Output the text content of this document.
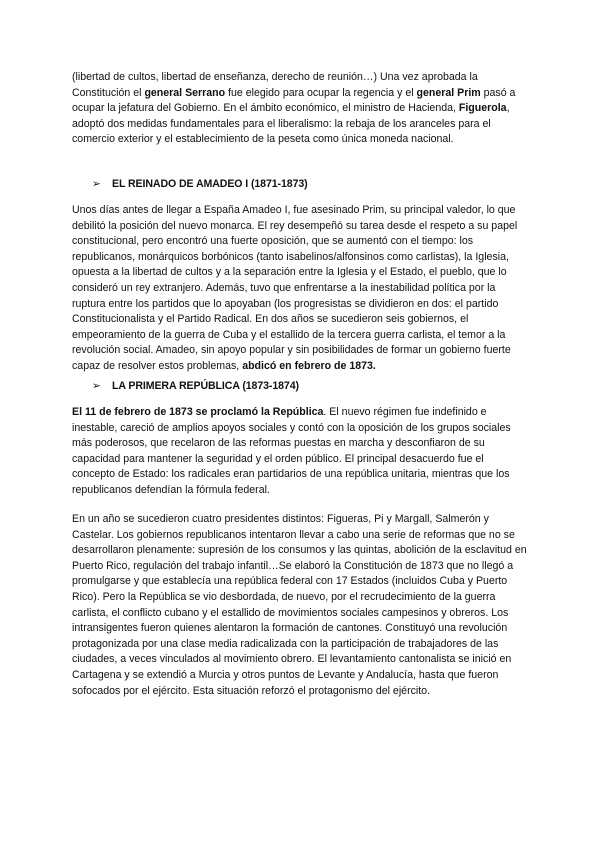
(libertad de cultos, libertad de enseñanza, derecho de reunión…) Una vez aprobada la Constitución el general Serrano fue elegido para ocupar la regencia y el general Prim pasó a ocupar la jefatura del Gobierno. En el ámbito económico, el ministro de Hacienda, Figuerola, adoptó dos medidas fundamentales para el liberalismo: la rebaja de los aranceles para el comercio exterior y el establecimiento de la peseta como única moneda nacional.

➢ EL REINADO DE AMADEO I (1871-1873)

Unos días antes de llegar a España Amadeo I, fue asesinado Prim, su principal valedor, lo que debilitó la posición del nuevo monarca. El rey desempeñó su tarea desde el respeto a su papel constitucional, pero encontró una fuerte oposición, que se aumentó con el tiempo: los republicanos, monárquicos borbónicos (tanto isabelinos/alfonsinos como carlistas), la Iglesia, opuesta a la libertad de cultos y a la separación entre la Iglesia y el Estado, el pueblo, que lo consideró un rey extranjero. Además, tuvo que enfrentarse a la inestabilidad política por la ruptura entre los partidos que lo apoyaban (los progresistas se dividieron en dos: el partido Constitucionalista y el Partido Radical. En dos años se sucedieron seis gobiernos, el empeoramiento de la guerra de Cuba y el estallido de la tercera guerra carlista, el temor a la revolución social. Amadeo, sin apoyo popular y sin posibilidades de formar un gobierno fuerte capaz de resolver estos problemas, abdicó en febrero de 1873.

➢ LA PRIMERA REPÚBLICA (1873-1874)

El 11 de febrero de 1873 se proclamó la República. El nuevo régimen fue indefinido e inestable, careció de amplios apoyos sociales y contó con la oposición de los grupos sociales más poderosos, que recelaron de las reformas puestas en marcha y desconfiaron de su capacidad para mantener la seguridad y el orden público. El principal desacuerdo fue el concepto de Estado: los radicales eran partidarios de una república unitaria, mientras que los republicanos defendían la fórmula federal.

En un año se sucedieron cuatro presidentes distintos: Figueras, Pi y Margall, Salmerón y Castelar. Los gobiernos republicanos intentaron llevar a cabo una serie de reformas que no se desarrollaron plenamente: supresión de los consumos y las quintas, abolición de la esclavitud en Puerto Rico, regulación del trabajo infantil…Se elaboró la Constitución de 1873 que no llegó a promulgarse y que establecía una república federal con 17 Estados (incluidos Cuba y Puerto Rico). Pero la República se vio desbordada, de nuevo, por el recrudecimiento de la guerra carlista, el conflicto cubano y el estallido de movimientos sociales campesinos y obreros. Los intransigentes fueron quienes alentaron la formación de cantones. Constituyó una revolución protagonizada por una clase media radicalizada con la participación de trabajadores de las ciudades, a veces vinculados al movimiento obrero. El levantamiento cantonalista se inició en Cartagena y se extendió a Murcia y otros puntos de Levante y Andalucía, hasta que fueron sofocados por el ejército. Esta situación reforzó el protagonismo del ejército.
